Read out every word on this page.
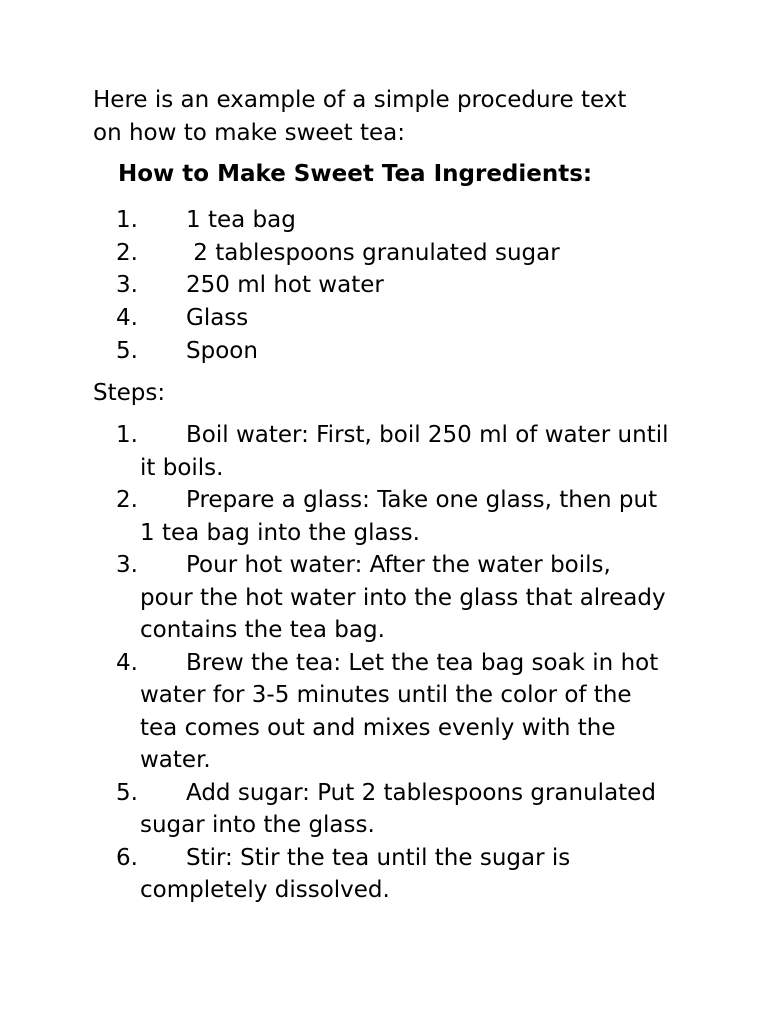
Here is an example of a simple procedure text on how to make sweet tea:

How to Make Sweet Tea Ingredients:
1. 1 tea bag
2. 2 tablespoons granulated sugar
3. 250 ml hot water
4. Glass
5. Spoon

Steps:

1. Boil water: First, boil 250 ml of water until it boils.
2. Prepare a glass: Take one glass, then put 1 tea bag into the glass.
3. Pour hot water: After the water boils, pour the hot water into the glass that already contains the tea bag.
4. Brew the tea: Let the tea bag soak in hot water for 3-5 minutes until the color of the tea comes out and mixes evenly with the water.
5. Add sugar: Put 2 tablespoons granulated sugar into the glass.
6. Stir: Stir the tea until the sugar is completely dissolved.
